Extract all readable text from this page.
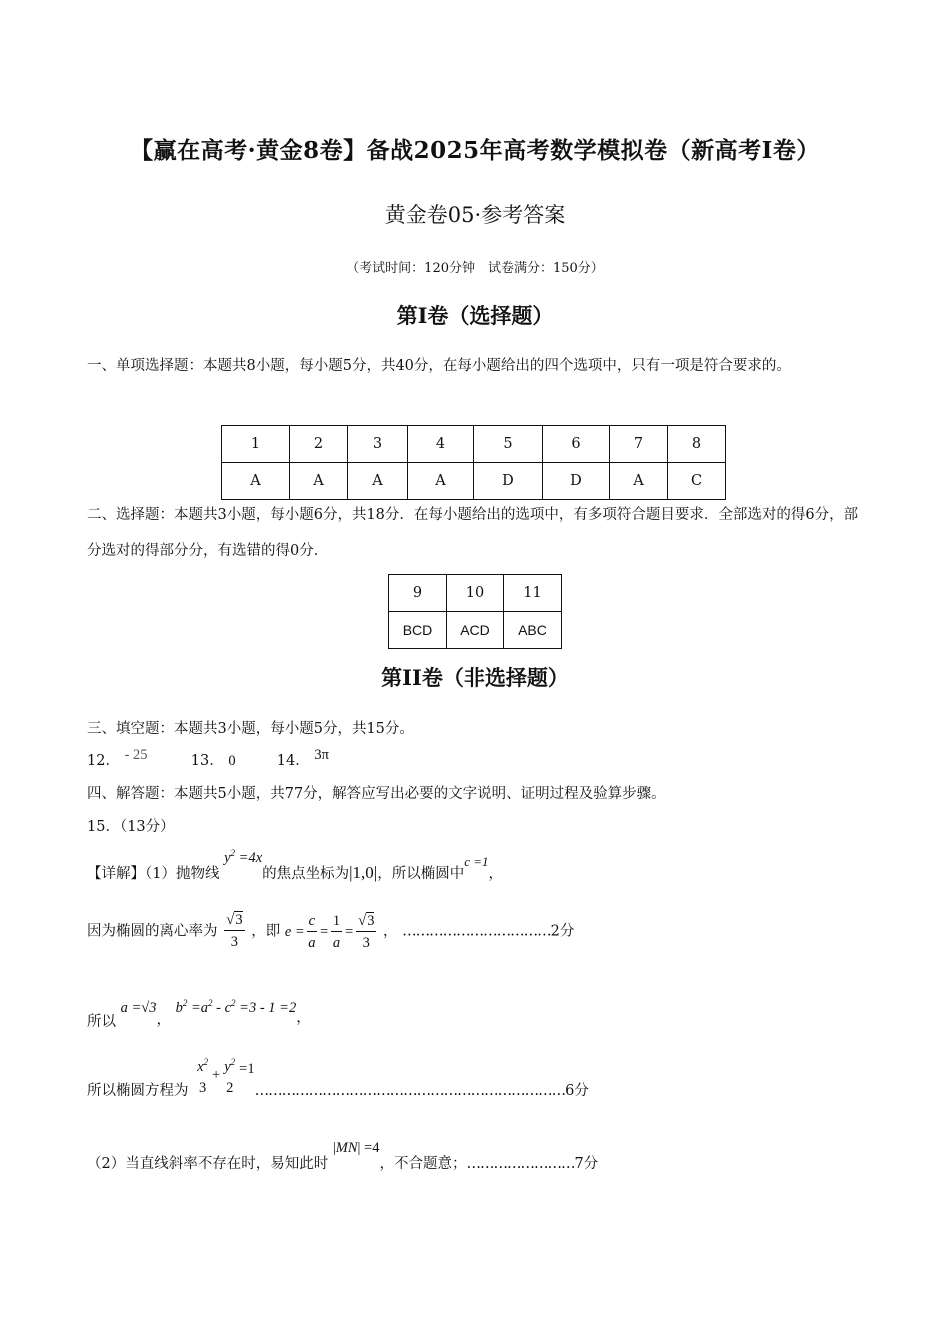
【赢在高考·黄金8卷】备战2025年高考数学模拟卷（新高考I卷）
黄金卷05·参考答案
（考试时间：120分钟　试卷满分：150分）
第I卷（选择题）
一、单项选择题：本题共8小题，每小题5分，共40分，在每小题给出的四个选项中，只有一项是符合要求的。
1	2	3	4	5	6	7	8
A	A	A	A	D	D	A	C
二、选择题：本题共3小题，每小题6分，共18分．在每小题给出的选项中，有多项符合题目要求．全部选对的得6分，部分选对的得部分分，有选错的得0分．
9	10	11
BCD	ACD	ABC
第II卷（非选择题）
三、填空题：本题共3小题，每小题5分，共15分。
12． - 25	13． 0	14． 3π
四、解答题：本题共5小题，共77分，解答应写出必要的文字说明、证明过程及验算步骤。
15．（13分）
【详解】（1）抛物线 $y^2 =4x$的焦点坐标为|1,0|，所以椭圆中c =1，
因为椭圆的离心率为 $\frac{√3}{3}$ ，即 $e = \frac{c}{a} = \frac{1}{a} = \frac{√3}{3}$ ， ……………………………2分
所以 a =√3， $b^2 =a^2 - c^2 =3 - 1 =2$，
所以椭圆方程为
$x^2$
3
+ $y^2$
2
=1……………………………………………………………6分
（2）当直线斜率不存在时，易知此时 |MN| =4，不合题意；……………………7分
